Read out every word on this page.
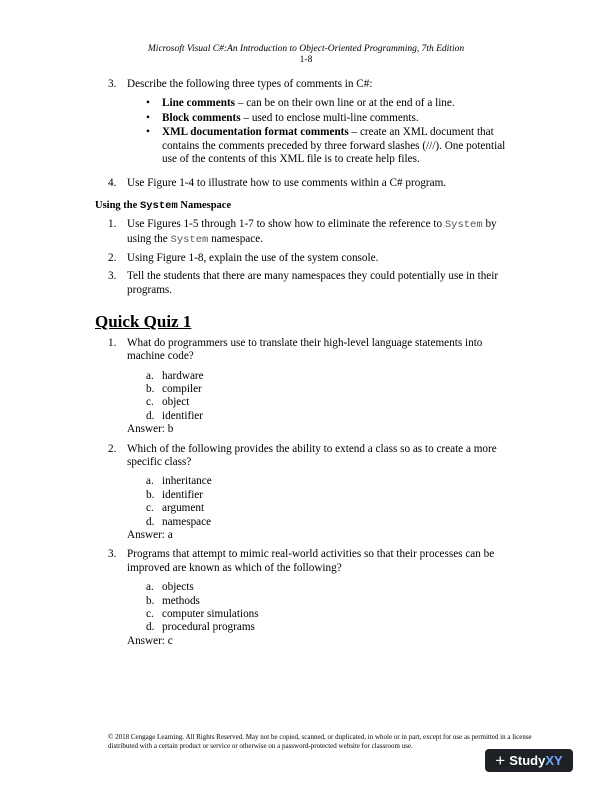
Microsoft Visual C#:An Introduction to Object-Oriented Programming, 7th Edition
1-8
3. Describe the following three types of comments in C#:
•	Line comments – can be on their own line or at the end of a line.
•	Block comments – used to enclose multi-line comments.
•	XML documentation format comments – create an XML document that contains the comments preceded by three forward slashes (///). One potential use of the contents of this XML file is to create help files.
4. Use Figure 1-4 to illustrate how to use comments within a C# program.
Using the System Namespace
1. Use Figures 1-5 through 1-7 to show how to eliminate the reference to System by using the System namespace.
2. Using Figure 1-8, explain the use of the system console.
3. Tell the students that there are many namespaces they could potentially use in their programs.
Quick Quiz 1
1. What do programmers use to translate their high-level language statements into machine code?
a. hardware
b. compiler
c. object
d. identifier
Answer: b
2. Which of the following provides the ability to extend a class so as to create a more specific class?
a. inheritance
b. identifier
c. argument
d. namespace
Answer: a
3. Programs that attempt to mimic real-world activities so that their processes can be improved are known as which of the following?
a. objects
b. methods
c. computer simulations
d. procedural programs
Answer: c
© 2018 Cengage Learning. All Rights Reserved. May not be copied, scanned, or duplicated, in whole or in part, except for use as permitted in a license distributed with a certain product or service or otherwise on a password-protected website for classroom use.
+ Study XY
